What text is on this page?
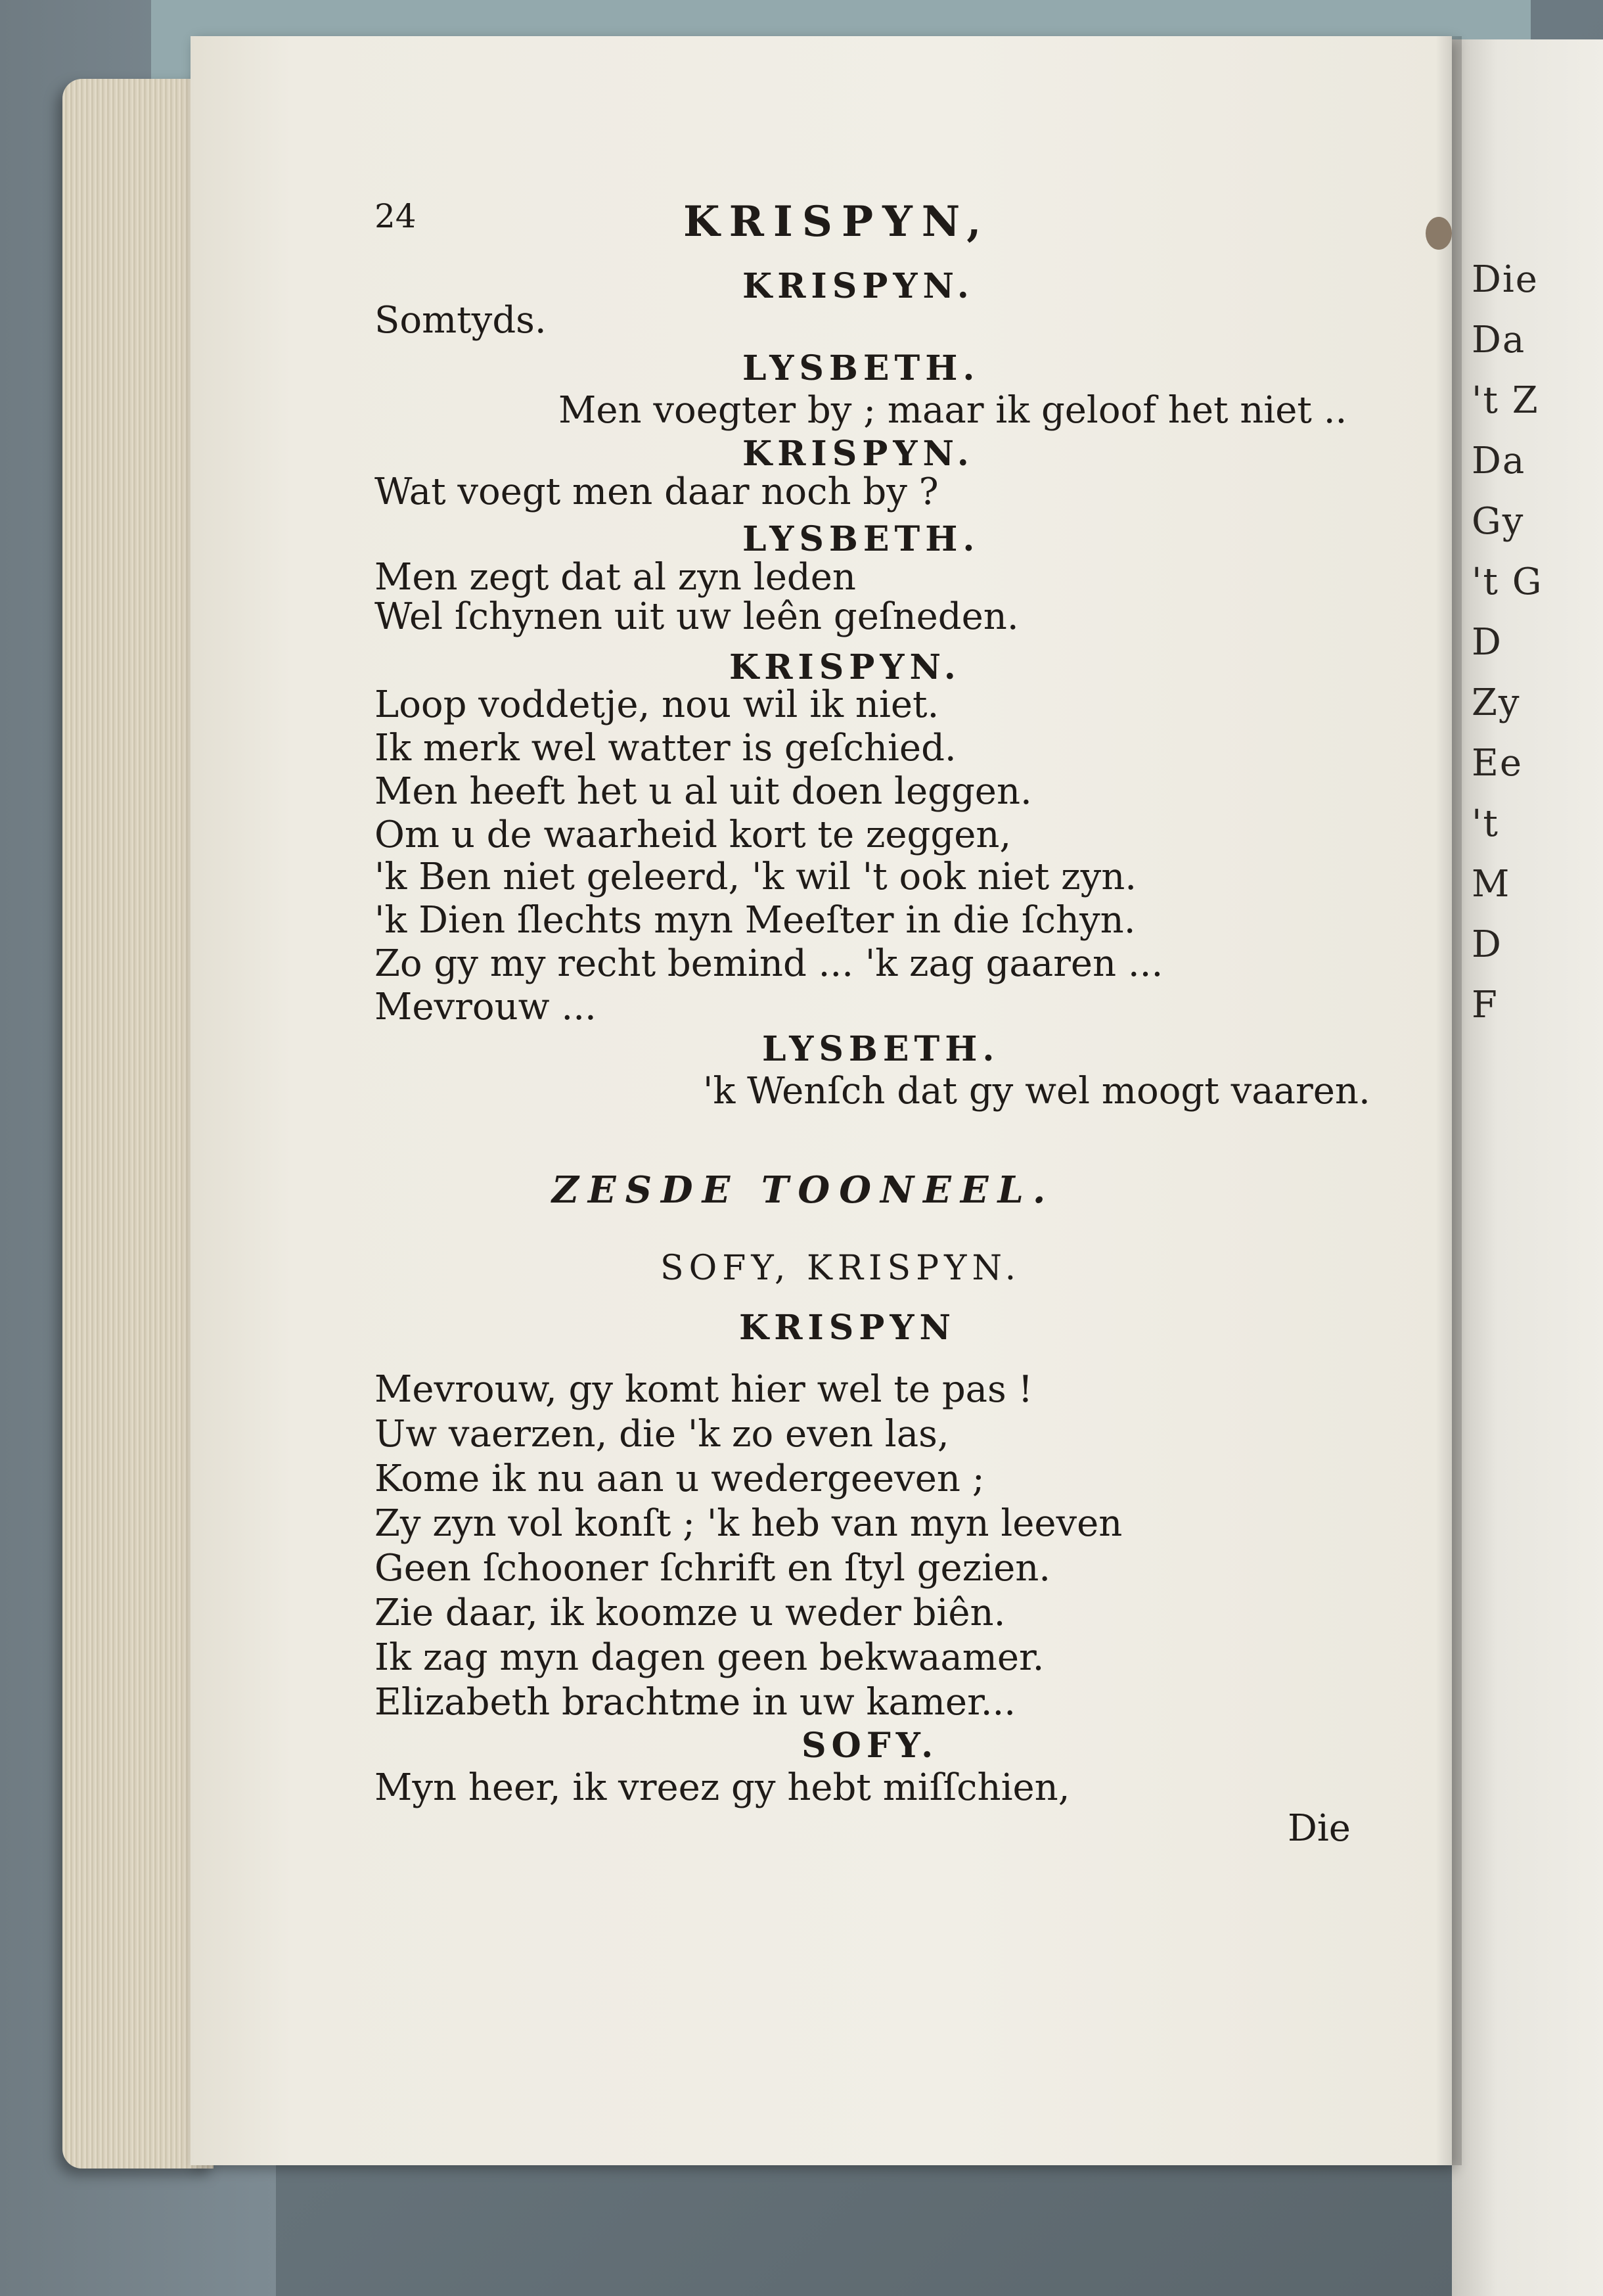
Die
Da
't Z
Da
Gy
't G
D
Zy
Ee
't
M
D
F
24	KRISPYN,
KRISPYN.
Somtyds.
LYSBETH.
Men voegter by ; maar ik geloof het niet ..
KRISPYN.
Wat voegt men daar noch by ?
LYSBETH.
Men zegt dat al zyn leden
Wel ſchynen uit uw leên geſneden.
KRISPYN.
Loop voddetje, nou wil ik niet.
Ik merk wel watter is geſchied.
Men heeft het u al uit doen leggen.
Om u de waarheid kort te zeggen,
'k Ben niet geleerd, 'k wil 't ook niet zyn.
'k Dien ſlechts myn Meeſter in die ſchyn.
Zo gy my recht bemind ... 'k zag gaaren ...
Mevrouw ...
LYSBETH.
'k Wenſch dat gy wel moogt vaaren.
ZESDE TOONEEL.
SOFY, KRISPYN.
KRISPYN
Mevrouw, gy komt hier wel te pas !
Uw vaerzen, die 'k zo even las,
Kome ik nu aan u wedergeeven ;
Zy zyn vol konſt ; 'k heb van myn leeven
Geen ſchooner ſchrift en ſtyl gezien.
Zie daar, ik koomze u weder biên.
Ik zag myn dagen geen bekwaamer.
Elizabeth brachtme in uw kamer...
SOFY.
Myn heer, ik vreez gy hebt miſſchien,
Die
